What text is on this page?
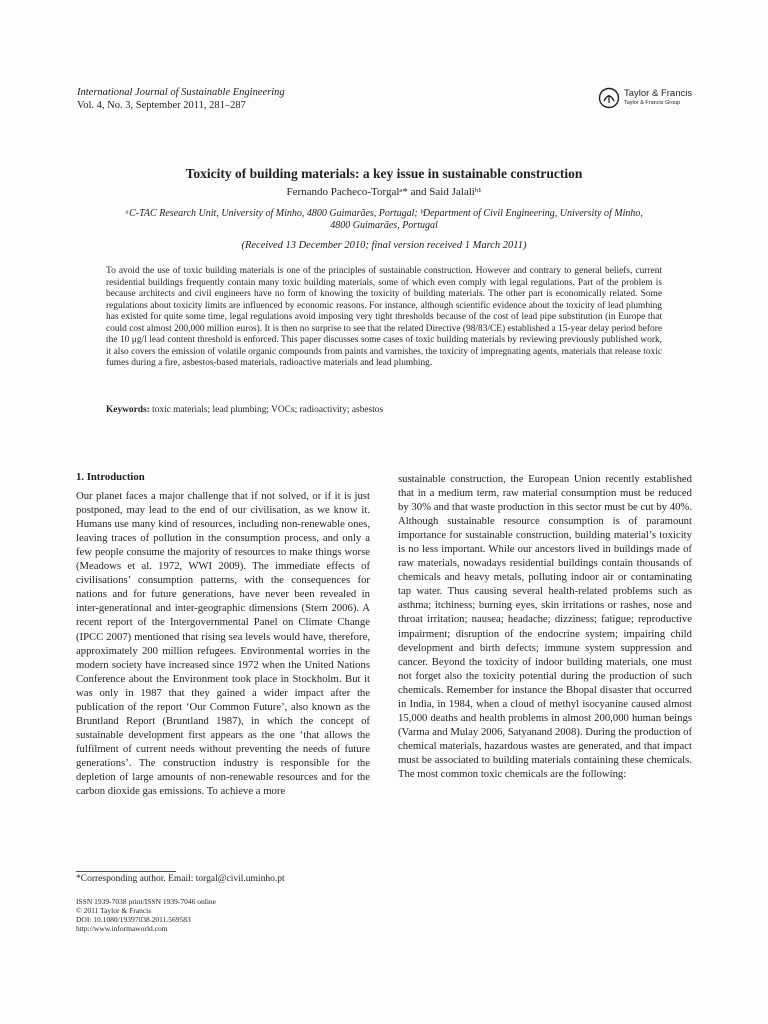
International Journal of Sustainable Engineering
Vol. 4, No. 3, September 2011, 281–287
Taylor & Francis
Taylor & Francis Group
Toxicity of building materials: a key issue in sustainable construction
Fernando Pacheco-Torgalᵃ* and Said Jalaliᵇ¹
ᵃC-TAC Research Unit, University of Minho, 4800 Guimarães, Portugal; ᵇDepartment of Civil Engineering, University of Minho,
4800 Guimarães, Portugal
(Received 13 December 2010; final version received 1 March 2011)
To avoid the use of toxic building materials is one of the principles of sustainable construction. However and contrary to general beliefs, current residential buildings frequently contain many toxic building materials, some of which even comply with legal regulations. Part of the problem is because architects and civil engineers have no form of knowing the toxicity of building materials. The other part is economically related. Some regulations about toxicity limits are influenced by economic reasons. For instance, although scientific evidence about the toxicity of lead plumbing has existed for quite some time, legal regulations avoid imposing very tight thresholds because of the cost of lead pipe substitution (in Europe that could cost almost 200,000 million euros). It is then no surprise to see that the related Directive (98/83/CE) established a 15-year delay period before the 10 μg/l lead content threshold is enforced. This paper discusses some cases of toxic building materials by reviewing previously published work, it also covers the emission of volatile organic compounds from paints and varnishes, the toxicity of impregnating agents, materials that release toxic fumes during a fire, asbestos-based materials, radioactive materials and lead plumbing.
Keywords: toxic materials; lead plumbing; VOCs; radioactivity; asbestos
1. Introduction
Our planet faces a major challenge that if not solved, or if it is just postponed, may lead to the end of our civilisation, as we know it. Humans use many kind of resources, including non-renewable ones, leaving traces of pollution in the consumption process, and only a few people consume the majority of resources to make things worse (Meadows et al. 1972, WWI 2009). The immediate effects of civilisations’ consumption patterns, with the consequences for nations and for future generations, have never been revealed in inter-generational and inter-geographic dimensions (Stern 2006). A recent report of the Intergovernmental Panel on Climate Change (IPCC 2007) mentioned that rising sea levels would have, therefore, approximately 200 million refugees. Environmental worries in the modern society have increased since 1972 when the United Nations Conference about the Environment took place in Stockholm. But it was only in 1987 that they gained a wider impact after the publication of the report ‘Our Common Future’, also known as the Bruntland Report (Bruntland 1987), in which the concept of sustainable development first appears as the one ‘that allows the fulfilment of current needs without preventing the needs of future generations’. The construction industry is responsible for the depletion of large amounts of non-renewable resources and for the carbon dioxide gas emissions. To achieve a more
sustainable construction, the European Union recently established that in a medium term, raw material consumption must be reduced by 30% and that waste production in this sector must be cut by 40%. Although sustainable resource consumption is of paramount importance for sustainable construction, building material’s toxicity is no less important. While our ancestors lived in buildings made of raw materials, nowadays residential buildings contain thousands of chemicals and heavy metals, polluting indoor air or contaminating tap water. Thus causing several health-related problems such as asthma; itchiness; burning eyes, skin irritations or rashes, nose and throat irritation; nausea; headache; dizziness; fatigue; reproductive impairment; disruption of the endocrine system; impairing child development and birth defects; immune system suppression and cancer. Beyond the toxicity of indoor building materials, one must not forget also the toxicity potential during the production of such chemicals. Remember for instance the Bhopal disaster that occurred in India, in 1984, when a cloud of methyl isocyanine caused almost 15,000 deaths and health problems in almost 200,000 human beings (Varma and Mulay 2006, Satyanand 2008). During the production of chemical materials, hazardous wastes are generated, and that impact must be associated to building materials containing these chemicals. The most common toxic chemicals are the following:
*Corresponding author. Email: torgal@civil.uminho.pt
ISSN 1939-7038 print/ISSN 1939-7046 online
© 2011 Taylor & Francis
DOI: 10.1080/19397038.2011.569583
http://www.informaworld.com
